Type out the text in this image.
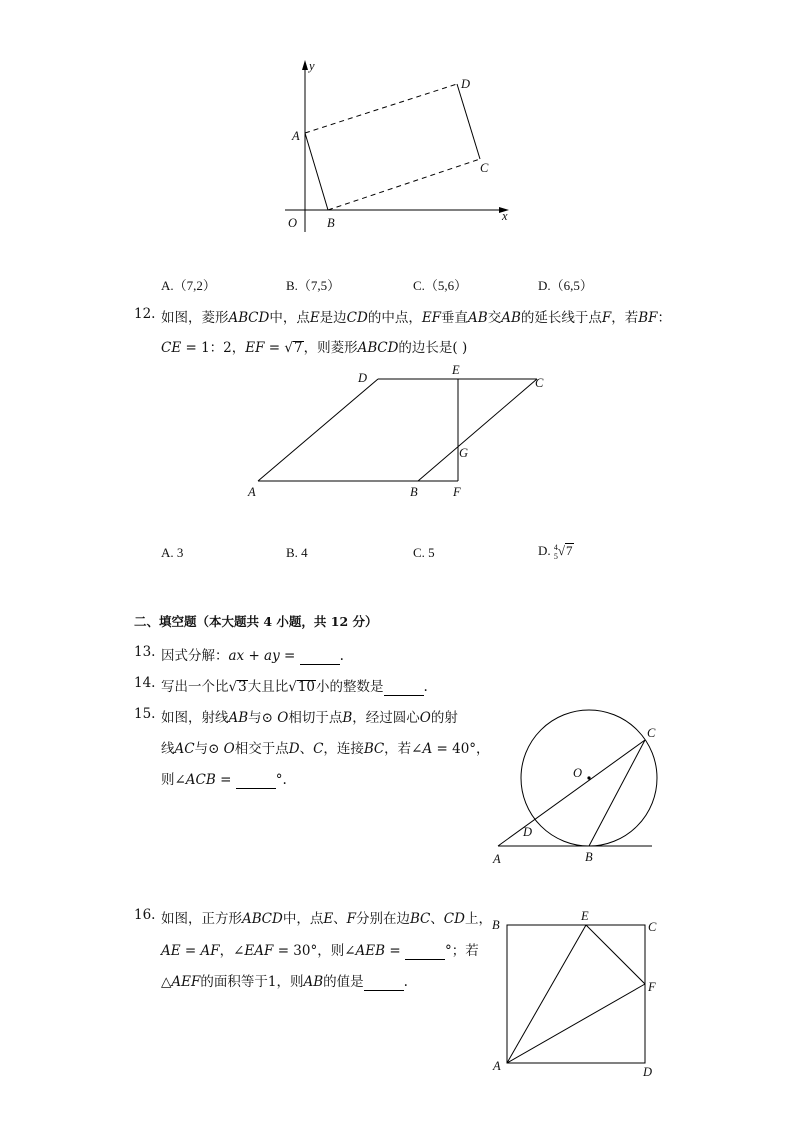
y
x
O
A
B
C
D
A.（7,2）	B.（7,5）	C.（5,6）	D.（6,5）
12. 如图，菱形𝐴𝐵𝐶𝐷中，点𝐸是边𝐶𝐷的中点，𝐸𝐹垂直𝐴𝐵交𝐴𝐵的延长线于点𝐹，若𝐵𝐹：
𝐶𝐸 = 1：2，𝐸𝐹 = √7，则菱形𝐴𝐵𝐶𝐷的边长是( )
A	B
C
D
E
F
G
A. 3	B. 4	C. 5	D. 4
5 √7
二、填空题（本大题共 4 小题，共 12 分）
13. 因式分解：𝑎𝑥 + 𝑎𝑦 =	.
14. 写出一个比√3大且比√10小的整数是	.
15. 如图，射线𝐴𝐵与⊙ 𝑂相切于点𝐵，经过圆心𝑂的射
线𝐴𝐶与⊙ 𝑂相交于点𝐷、𝐶，连接𝐵𝐶，若∠𝐴 = 40°，
则∠𝐴𝐶𝐵 =	°.	O
A	B
C
D
16. 如图，正方形𝐴𝐵𝐶𝐷中，点𝐸、𝐹分别在边𝐵𝐶、𝐶𝐷上，
𝐴𝐸 = 𝐴𝐹，∠𝐸𝐴𝐹 = 30°，则∠𝐴𝐸𝐵 =	°；若
△𝐴𝐸𝐹的面积等于1，则𝐴𝐵的值是	.
B
E
C
F
A	D
